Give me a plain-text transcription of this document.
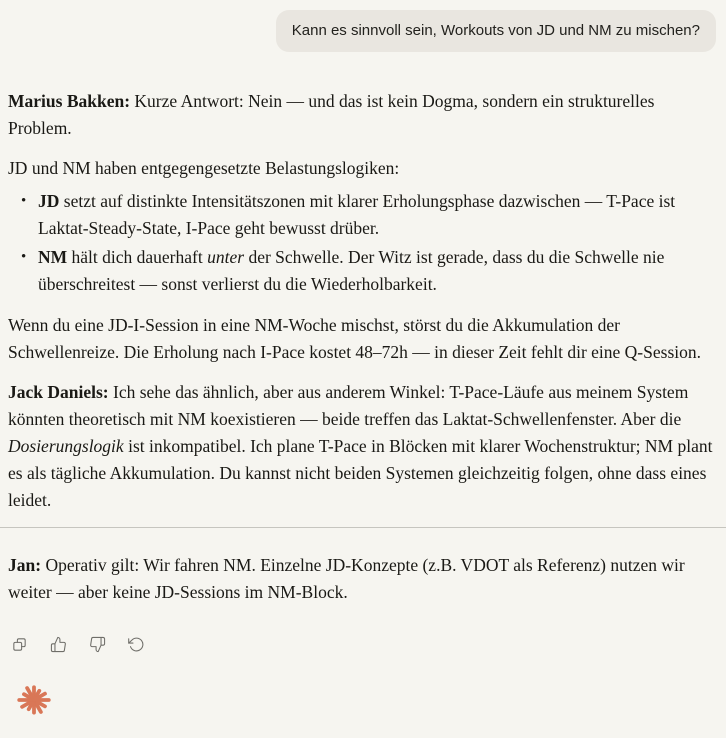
Kann es sinnvoll sein, Workouts von JD und NM zu mischen?

Marius Bakken: Kurze Antwort: Nein — und das ist kein Dogma, sondern ein strukturelles Problem.

JD und NM haben entgegengesetzte Belastungslogiken:

• JD setzt auf distinkte Intensitätszonen mit klarer Erholungsphase dazwischen — T-Pace ist Laktat-Steady-State, I-Pace geht bewusst drüber.
• NM hält dich dauerhaft unter der Schwelle. Der Witz ist gerade, dass du die Schwelle nie überschreitest — sonst verlierst du die Wiederholbarkeit.

Wenn du eine JD-I-Session in eine NM-Woche mischst, störst du die Akkumulation der Schwellenreize. Die Erholung nach I-Pace kostet 48–72h — in dieser Zeit fehlt dir eine Q-Session.

Jack Daniels: Ich sehe das ähnlich, aber aus anderem Winkel: T-Pace-Läufe aus meinem System könnten theoretisch mit NM koexistieren — beide treffen das Laktat-Schwellenfenster. Aber die Dosierungslogik ist inkompatibel. Ich plane T-Pace in Blöcken mit klarer Wochenstruktur; NM plant es als tägliche Akkumulation. Du kannst nicht beiden Systemen gleichzeitig folgen, ohne dass eines leidet.

Jan: Operativ gilt: Wir fahren NM. Einzelne JD-Konzepte (z.B. VDOT als Referenz) nutzen wir weiter — aber keine JD-Sessions im NM-Block.
